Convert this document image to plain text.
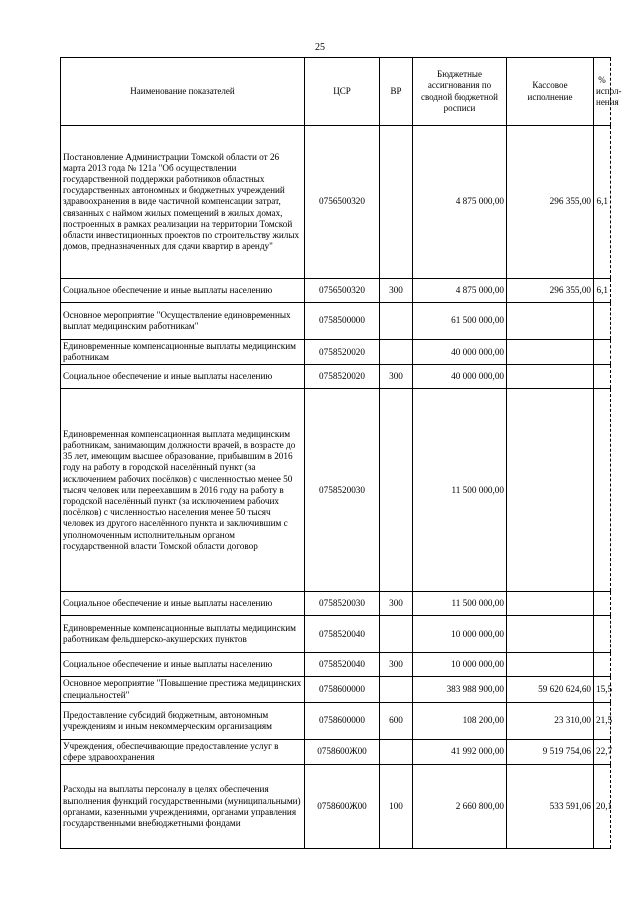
25
Наименование показателей	ЦСР	ВР	Бюджетные ассигнования по сводной бюджетной росписи	Кассовое исполнение	% испол-нения
Постановление Администрации Томской области от 26 марта 2013 года № 121а "Об осуществлении государственной поддержки работников областных государственных автономных и бюджетных учреждений здравоохранения в виде частичной компенсации затрат, связанных с наймом жилых помещений в жилых домах, построенных в рамках реализации на территории Томской области инвестиционных проектов по строительству жилых домов, предназначенных для сдачи квартир в аренду"	0756500320		4 875 000,00	296 355,00	6,1
Социальное обеспечение и иные выплаты населению	0756500320	300	4 875 000,00	296 355,00	6,1
Основное мероприятие "Осуществление единовременных выплат медицинским работникам"	0758500000		61 500 000,00		
Единовременные компенсационные выплаты медицинским работникам	0758520020		40 000 000,00		
Социальное обеспечение и иные выплаты населению	0758520020	300	40 000 000,00		
Единовременная компенсационная выплата медицинским работникам, занимающим должности врачей, в возрасте до 35 лет, имеющим высшее образование, прибывшим в 2016 году на работу в городской населённый пункт (за исключением рабочих посёлков) с численностью менее 50 тысяч человек или переехавшим в 2016 году на работу в городской населённый пункт (за исключением рабочих посёлков) с численностью населения менее 50 тысяч человек из другого населённого пункта и заключившим с уполномоченным исполнительным органом государственной власти Томской области договор	0758520030		11 500 000,00		
Социальное обеспечение и иные выплаты населению	0758520030	300	11 500 000,00		
Единовременные компенсационные выплаты медицинским работникам фельдшерско-акушерских пунктов	0758520040		10 000 000,00		
Социальное обеспечение и иные выплаты населению	0758520040	300	10 000 000,00		
Основное мероприятие "Повышение престижа медицинских специальностей"	0758600000		383 988 900,00	59 620 624,60	15,5
Предоставление субсидий бюджетным, автономным учреждениям и иным некоммерческим организациям	0758600000	600	108 200,00	23 310,00	21,5
Учреждения, обеспечивающие предоставление услуг в сфере здравоохранения	0758600Ж00		41 992 000,00	9 519 754,06	22,7
Расходы на выплаты персоналу в целях обеспечения выполнения функций государственными (муниципальными) органами, казенными учреждениями, органами управления государственными внебюджетными фондами	0758600Ж00	100	2 660 800,00	533 591,06	20,1
